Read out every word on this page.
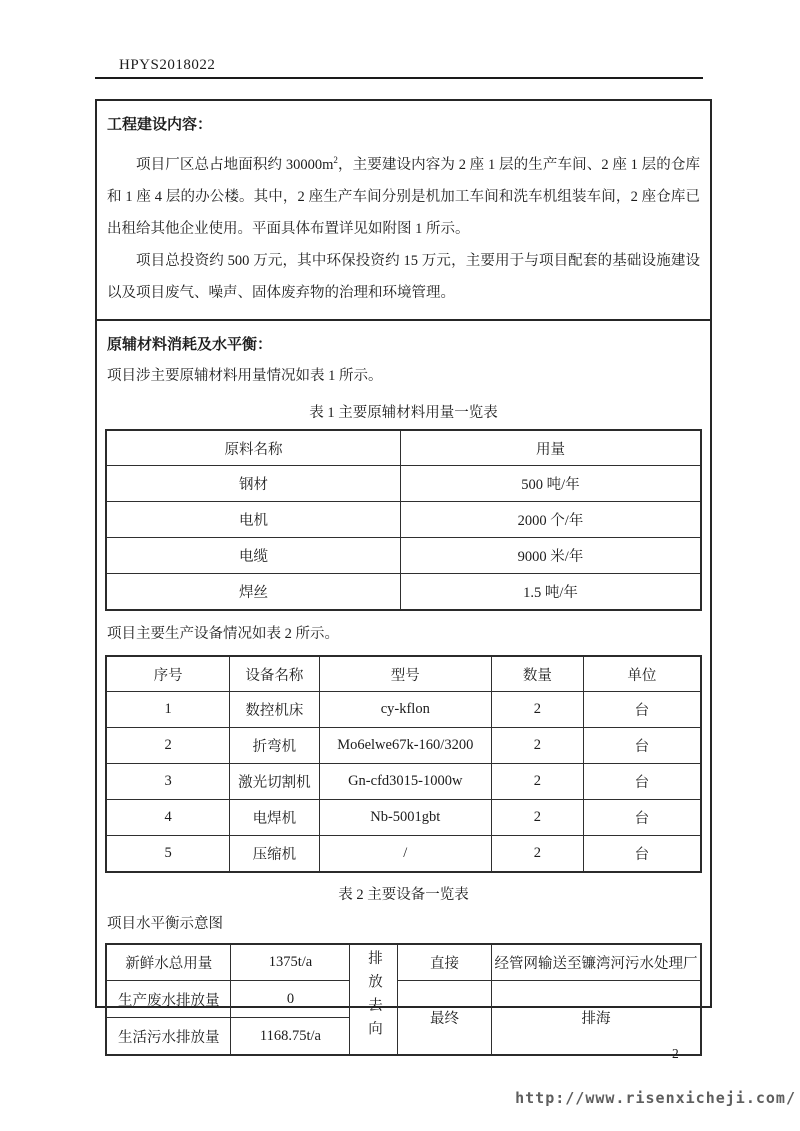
HPYS2018022
工程建设内容：

项目厂区总占地面积约 $30000m^2$，主要建设内容为 2 座 1 层的生产车间、2 座 1 层的仓库和 1 座 4 层的办公楼。其中，2 座生产车间分别是机加工车间和洗车机组装车间，2 座仓库已出租给其他企业使用。平面具体布置详见如附图 1 所示。

项目总投资约 500 万元，其中环保投资约 15 万元，主要用于与项目配套的基础设施建设以及项目废气、噪声、固体废弃物的治理和环境管理。

原辅材料消耗及水平衡：

项目涉主要原辅材料用量情况如表 1 所示。

表 1 主要原辅材料用量一览表
原料名称	用量
钢材	500 吨/年
电机	2000 个/年
电缆	9000 米/年
焊丝	1.5 吨/年

项目主要生产设备情况如表 2 所示。

序号	设备名称	型号	数量	单位
1	数控机床	cy-kflon	2	台
2	折弯机	Mo6elwe67k-160/3200	2	台
3	激光切割机	Gn-cfd3015-1000w	2	台
4	电焊机	Nb-5001gbt	2	台
5	压缩机	/	2	台
表 2 主要设备一览表

项目水平衡示意图

新鲜水总用量	1375t/a	排放去向	直接	经管网输送至镰湾河污水处理厂
生产废水排放量	0		最终	排海
生活污水排放量	1168.75t/a			
2
http://www.risenxicheji.com/
